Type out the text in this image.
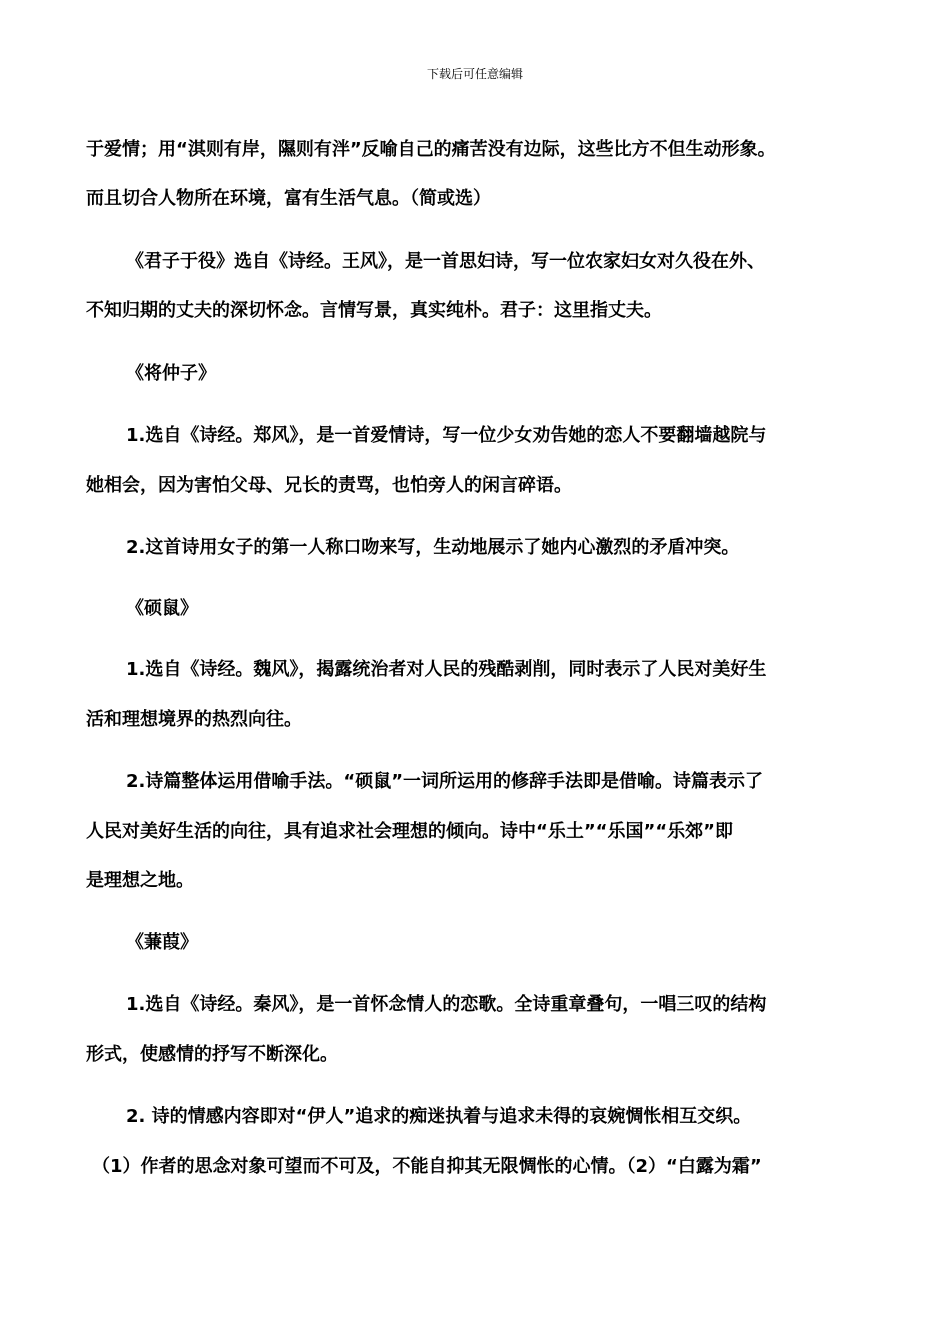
下载后可任意编辑
于爱情；用“淇则有岸，隰则有泮”反喻自己的痛苦没有边际，这些比方不但生动形象。
而且切合人物所在环境，富有生活气息。（简或选）
《君子于役》选自《诗经。王风》，是一首思妇诗，写一位农家妇女对久役在外、
不知归期的丈夫的深切怀念。言情写景，真实纯朴。君子：这里指丈夫。
《将仲子》
1.选自《诗经。郑风》，是一首爱情诗，写一位少女劝告她的恋人不要翻墙越院与
她相会，因为害怕父母、兄长的责骂，也怕旁人的闲言碎语。
2.这首诗用女子的第一人称口吻来写，生动地展示了她内心激烈的矛盾冲突。
《硕鼠》
1.选自《诗经。魏风》，揭露统治者对人民的残酷剥削，同时表示了人民对美好生
活和理想境界的热烈向往。
2.诗篇整体运用借喻手法。“硕鼠”一词所运用的修辞手法即是借喻。诗篇表示了
人民对美好生活的向往，具有追求社会理想的倾向。诗中“乐土”“乐国”“乐郊”即
是理想之地。
《蒹葭》
1.选自《诗经。秦风》，是一首怀念情人的恋歌。全诗重章叠句，一唱三叹的结构
形式，使感情的抒写不断深化。
2. 诗的情感内容即对“伊人”追求的痴迷执着与追求未得的哀婉惆怅相互交织。
（1）作者的思念对象可望而不可及，不能自抑其无限惆怅的心情。（2）“白露为霜”
